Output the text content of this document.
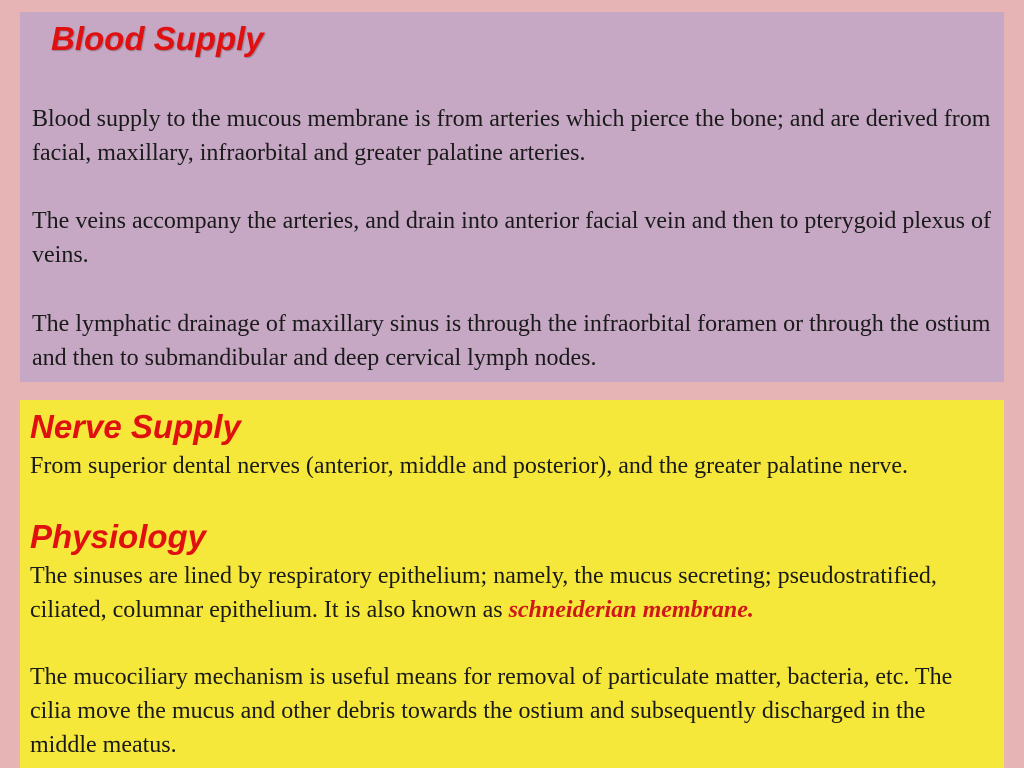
Blood Supply

Blood supply to the mucous membrane is from arteries which pierce the bone; and are derived from facial, maxillary, infraorbital and greater palatine arteries.

The veins accompany the arteries, and drain into anterior facial vein and then to pterygoid plexus of veins.

The lymphatic drainage of maxillary sinus is through the infraorbital foramen or through the ostium and then to submandibular and deep cervical lymph nodes.

Nerve Supply

From superior dental nerves (anterior, middle and posterior), and the greater palatine nerve.

Physiology

The sinuses are lined by respiratory epithelium; namely, the mucus secreting; pseudostratified, ciliated, columnar epithelium. It is also known as schneiderian membrane.

The mucociliary mechanism is useful means for removal of particulate matter, bacteria, etc. The cilia move the mucus and other debris towards the ostium and subsequently discharged in the middle meatus.
